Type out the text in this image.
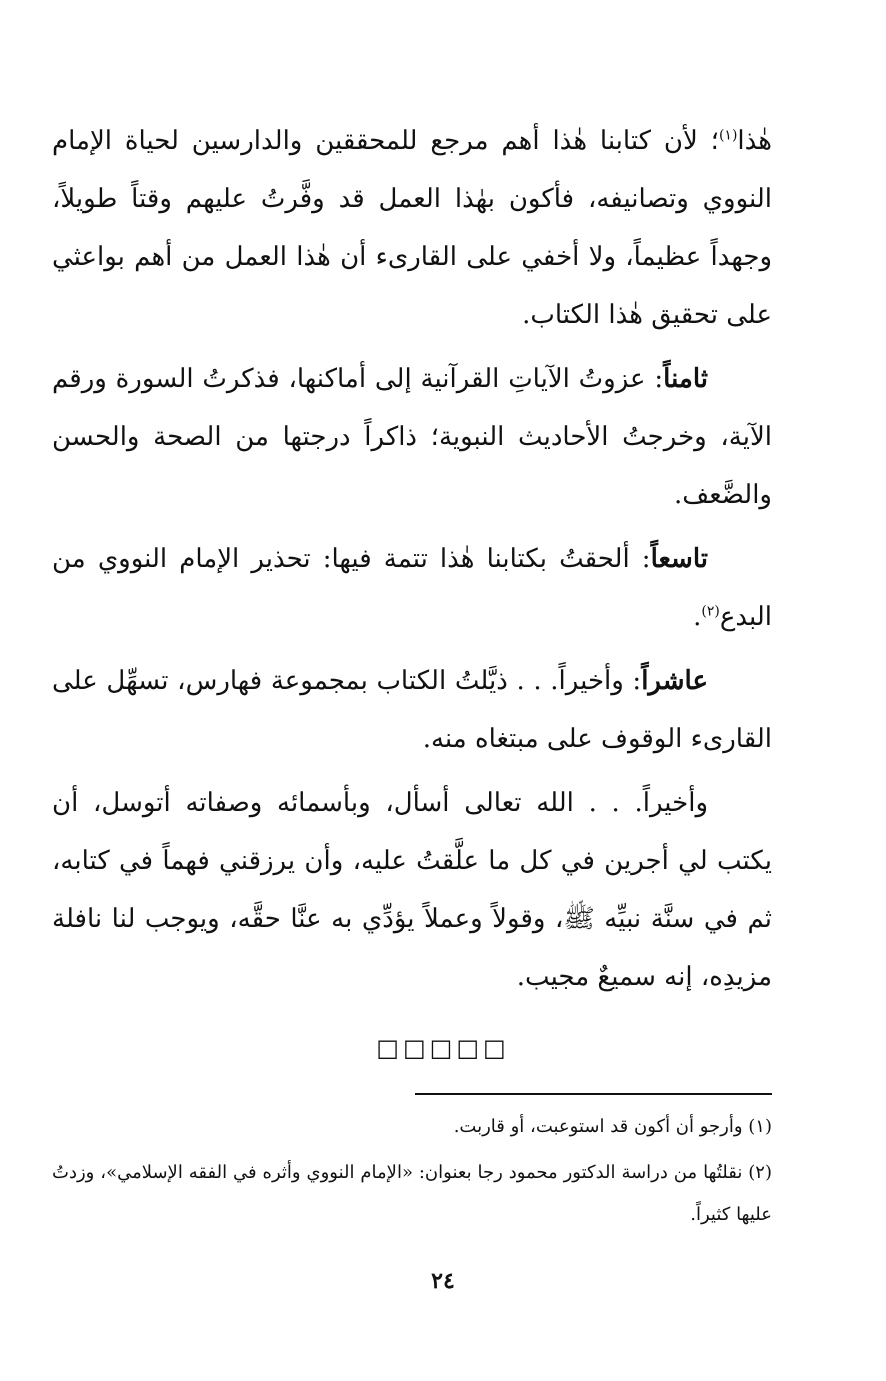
هٰذا$^{(١)}$؛ لأن كتابنا هٰذا أهم مرجع للمحققين والدارسين لحياة الإمام النووي وتصانيفه، فأكون بهٰذا العمل قد وفَّرتُ عليهم وقتاً طويلاً، وجهداً عظيماً، ولا أخفي على القارىء أن هٰذا العمل من أهم بواعثي على تحقيق هٰذا الكتاب.

ثامناً: عزوتُ الآياتِ القرآنية إلى أماكنها، فذكرتُ السورة ورقم الآية، وخرجتُ الأحاديث النبوية؛ ذاكراً درجتها من الصحة والحسن والضَّعف.

تاسعاً: ألحقتُ بكتابنا هٰذا تتمة فيها: تحذير الإمام النووي من البدع$^{(٢)}$.

عاشراً: وأخيراً. . . ذيَّلتُ الكتاب بمجموعة فهارس، تسهِّل على القارىء الوقوف على مبتغاه منه.

وأخيراً. . . الله تعالى أسأل، وبأسمائه وصفاته أتوسل، أن يكتب لي أجرين في كل ما علَّقتُ عليه، وأن يرزقني فهماً في كتابه، ثم في سنَّة نبيِّه ﷺ، وقولاً وعملاً يؤدِّي به عنَّا حقَّه، ويوجب لنا نافلة مزيدِه، إنه سميعٌ مجيب.

□□□□□

(١) وأرجو أن أكون قد استوعبت، أو قاربت.

(٢) نقلتُها من دراسة الدكتور محمود رجا بعنوان: «الإمام النووي وأثره في الفقه الإسلامي»، وزدتُ عليها كثيراً.

٢٤
